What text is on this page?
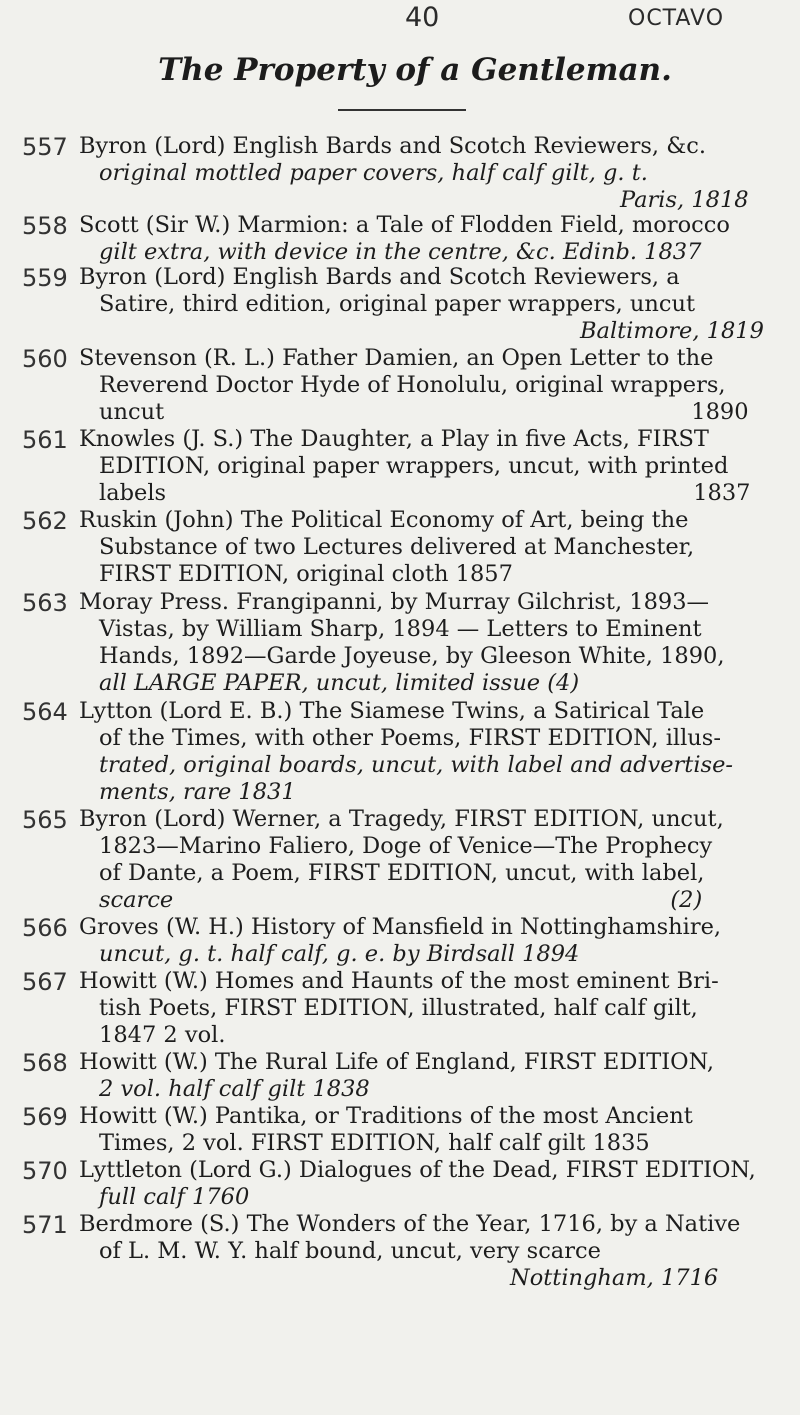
40	OCTAVO
The Property of a Gentleman.
557 Byron (Lord) English Bards and Scotch Reviewers, &c.
original mottled paper covers, half calf gilt, g. t.
Paris, 1818
558 Scott (Sir W.) Marmion: a Tale of Flodden Field, morocco
gilt extra, with device in the centre, &c. Edinb. 1837
559 Byron (Lord) English Bards and Scotch Reviewers, a
Satire, third edition, original paper wrappers, uncut
Baltimore, 1819
560 Stevenson (R. L.) Father Damien, an Open Letter to the
Reverend Doctor Hyde of Honolulu, original wrappers,
uncut 1890
561 Knowles (J. S.) The Daughter, a Play in five Acts, FIRST
EDITION, original paper wrappers, uncut, with printed
labels 1837
562 Ruskin (John) The Political Economy of Art, being the
Substance of two Lectures delivered at Manchester,
FIRST EDITION, original cloth 1857
563 Moray Press. Frangipanni, by Murray Gilchrist, 1893—
Vistas, by William Sharp, 1894 — Letters to Eminent
Hands, 1892—Garde Joyeuse, by Gleeson White, 1890,
all LARGE PAPER, uncut, limited issue (4)
564 Lytton (Lord E. B.) The Siamese Twins, a Satirical Tale
of the Times, with other Poems, FIRST EDITION, illus-
trated, original boards, uncut, with label and advertise-
ments, rare 1831
565 Byron (Lord) Werner, a Tragedy, FIRST EDITION, uncut,
1823—Marino Faliero, Doge of Venice—The Prophecy
of Dante, a Poem, FIRST EDITION, uncut, with label,
scarce (2)
566 Groves (W. H.) History of Mansfield in Nottinghamshire,
uncut, g. t. half calf, g. e. by Birdsall 1894
567 Howitt (W.) Homes and Haunts of the most eminent Bri-
tish Poets, FIRST EDITION, illustrated, half calf gilt,
1847 2 vol.
568 Howitt (W.) The Rural Life of England, FIRST EDITION,
2 vol. half calf gilt 1838
569 Howitt (W.) Pantika, or Traditions of the most Ancient
Times, 2 vol. FIRST EDITION, half calf gilt 1835
570 Lyttleton (Lord G.) Dialogues of the Dead, FIRST EDITION,
full calf 1760
571 Berdmore (S.) The Wonders of the Year, 1716, by a Native
of L. M. W. Y. half bound, uncut, very scarce
Nottingham, 1716
